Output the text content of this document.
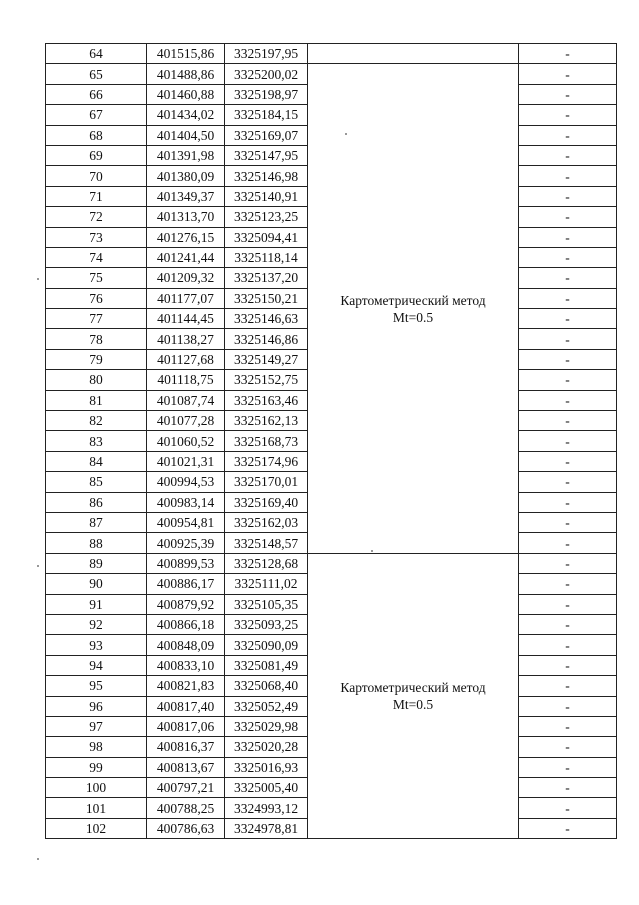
64	401515,86	3325197,95		-
65	401488,86	3325200,02	Картометрический метод
Mt=0.5	-
66	401460,88	3325198,97		-
67	401434,02	3325184,15		-
68	401404,50	3325169,07		-
69	401391,98	3325147,95		-
70	401380,09	3325146,98		-
71	401349,37	3325140,91		-
72	401313,70	3325123,25		-
73	401276,15	3325094,41		-
74	401241,44	3325118,14		-
75	401209,32	3325137,20		-
76	401177,07	3325150,21		-
77	401144,45	3325146,63		-
78	401138,27	3325146,86		-
79	401127,68	3325149,27		-
80	401118,75	3325152,75		-
81	401087,74	3325163,46		-
82	401077,28	3325162,13		-
83	401060,52	3325168,73		-
84	401021,31	3325174,96		-
85	400994,53	3325170,01		-
86	400983,14	3325169,40		-
87	400954,81	3325162,03		-
88	400925,39	3325148,57		-
89	400899,53	3325128,68	Картометрический метод
Mt=0.5	-
90	400886,17	3325111,02		-
91	400879,92	3325105,35		-
92	400866,18	3325093,25		-
93	400848,09	3325090,09		-
94	400833,10	3325081,49		-
95	400821,83	3325068,40		-
96	400817,40	3325052,49		-
97	400817,06	3325029,98		-
98	400816,37	3325020,28		-
99	400813,67	3325016,93		-
100	400797,21	3325005,40		-
101	400788,25	3324993,12		-
102	400786,63	3324978,81		-
